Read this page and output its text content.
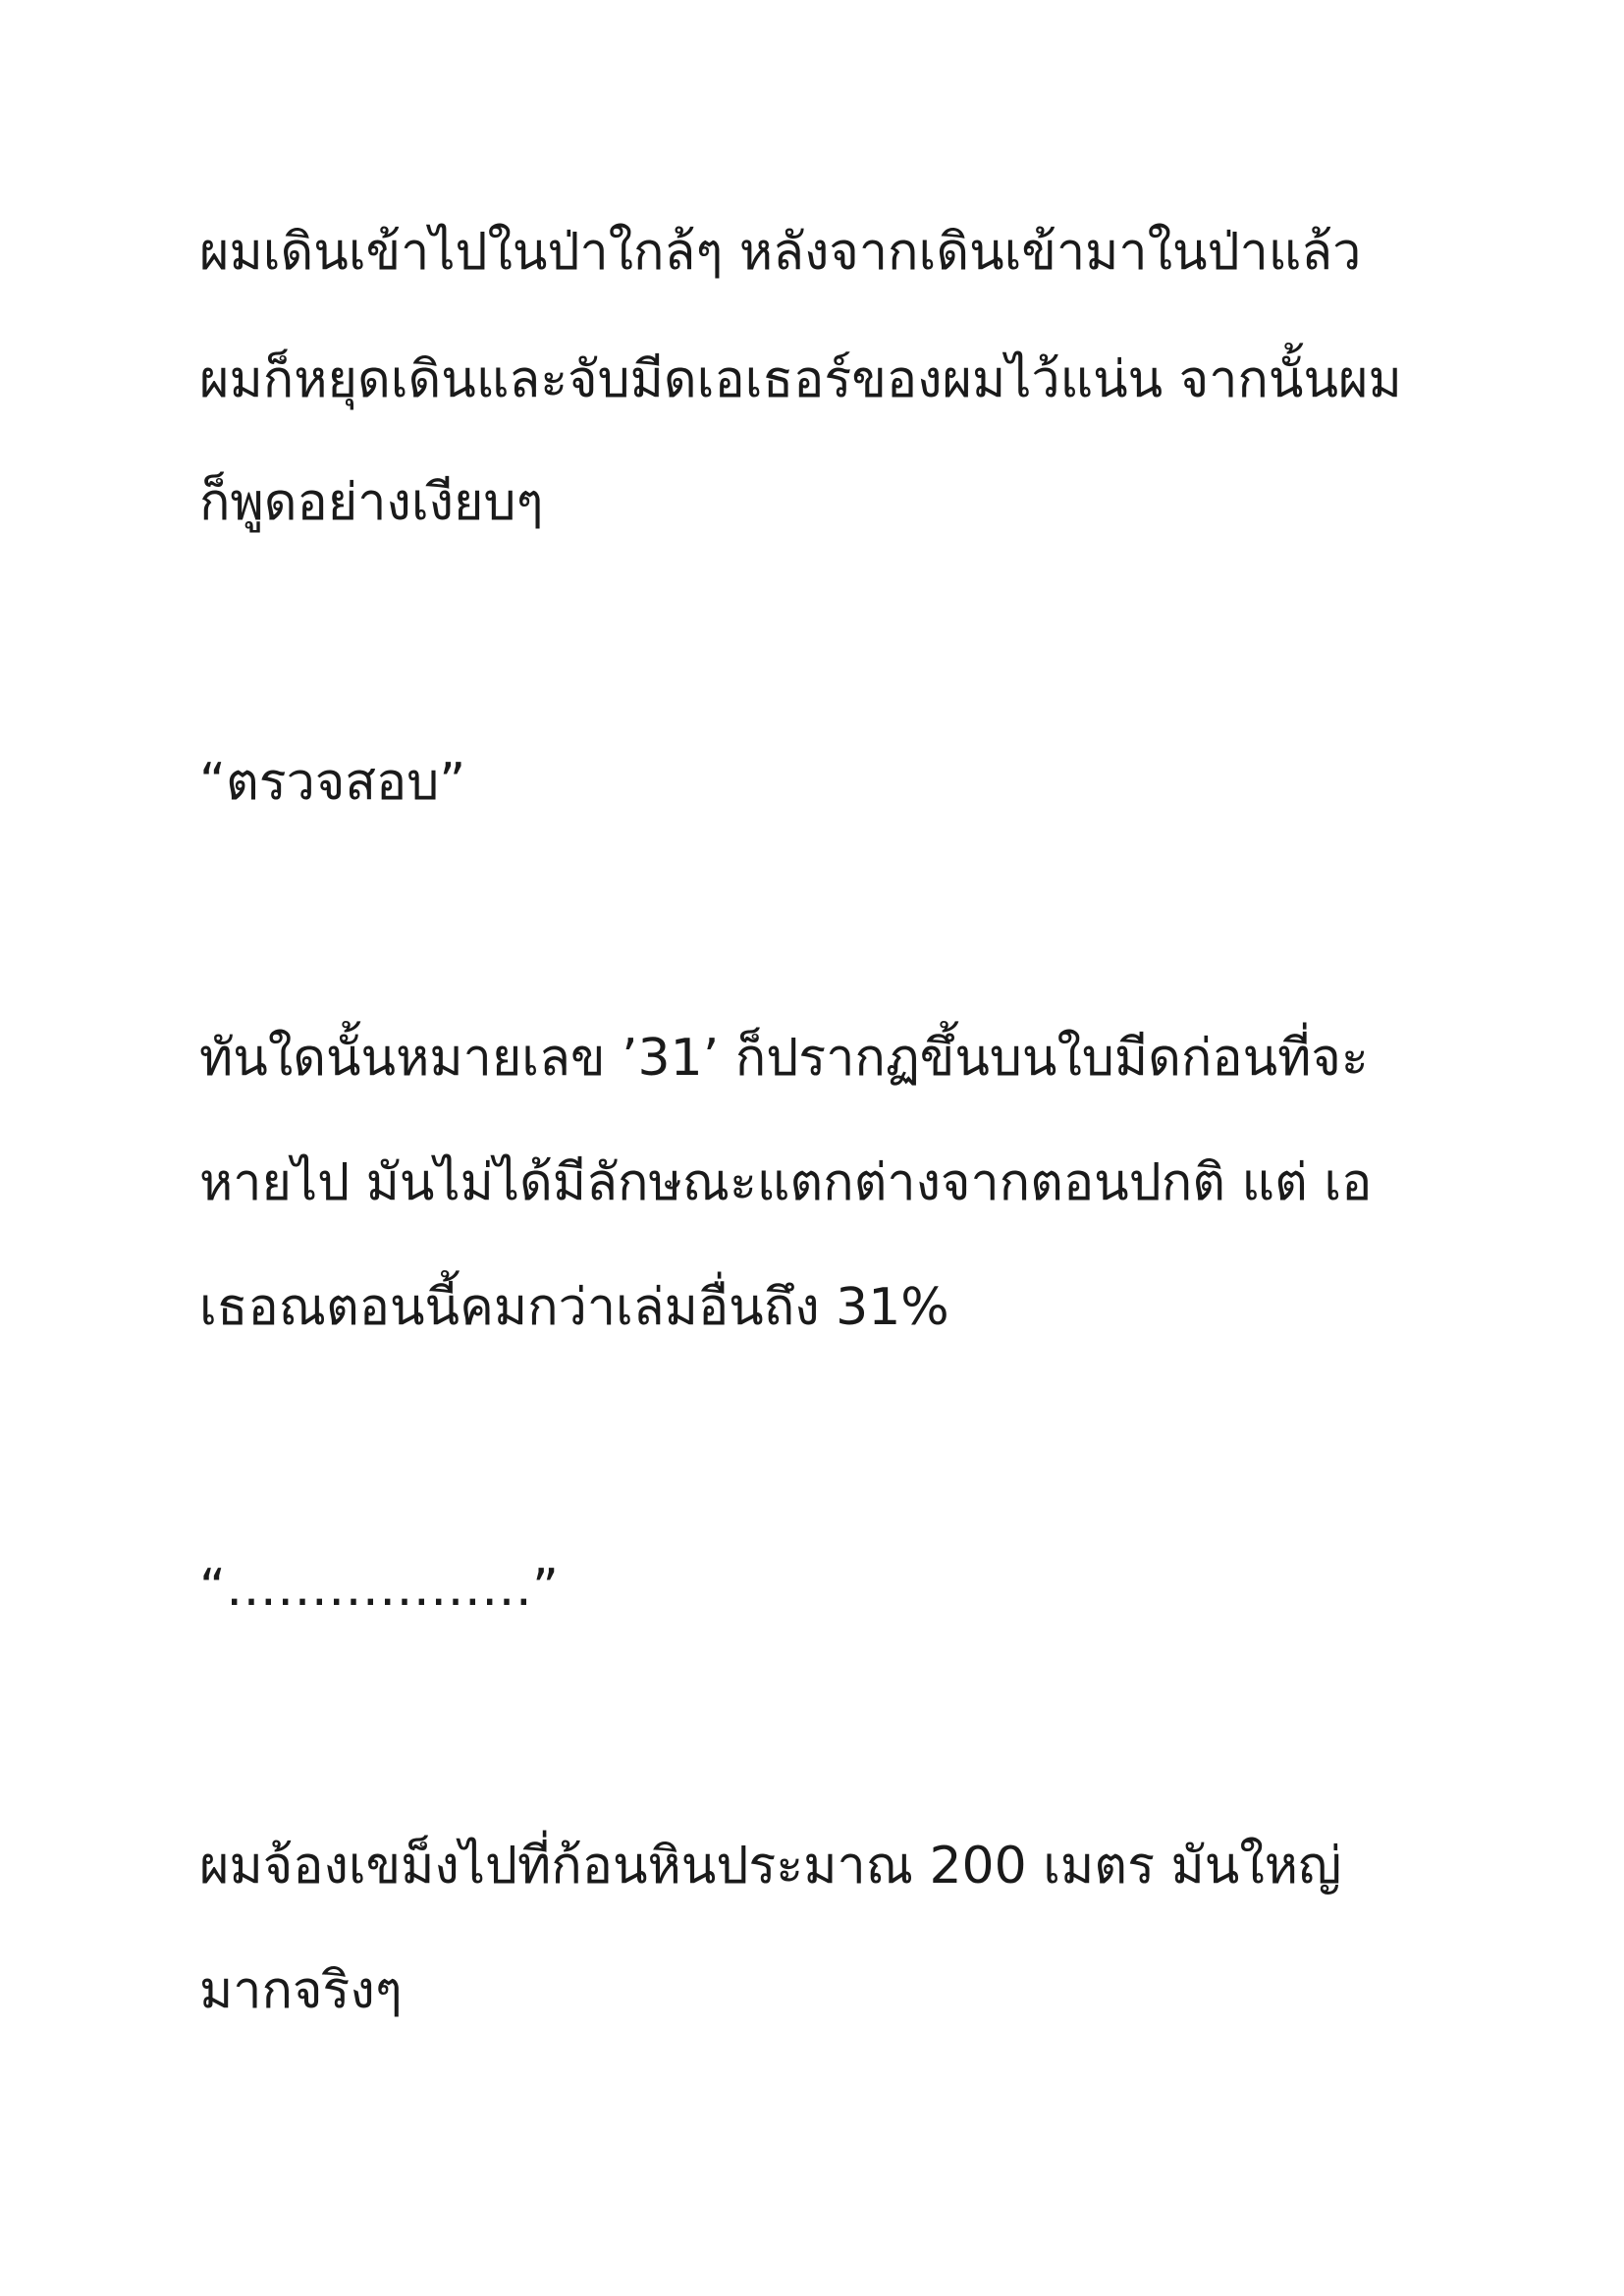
ผมเดินเข้าไปในป่าใกล้ๆ หลังจากเดินเข้ามาในป่าแล้ว

ผมก็หยุดเดินและจับมีดเอเธอร์ของผมไว้แน่น จากนั้นผม

ก็พูดอย่างเงียบๆ

“ตรวจสอบ”

ทันใดนั้นหมายเลข ’31’ ก็ปรากฏขึ้นบนใบมีดก่อนที่จะ

หายไป มันไม่ได้มีลักษณะแตกต่างจากตอนปกติ แต่ เอ

เธอณตอนนี้คมกว่าเล่มอื่นถึง 31%

“………………”

ผมจ้องเขม็งไปที่ก้อนหินประมาณ 200 เมตร มันใหญ่

มากจริงๆ
